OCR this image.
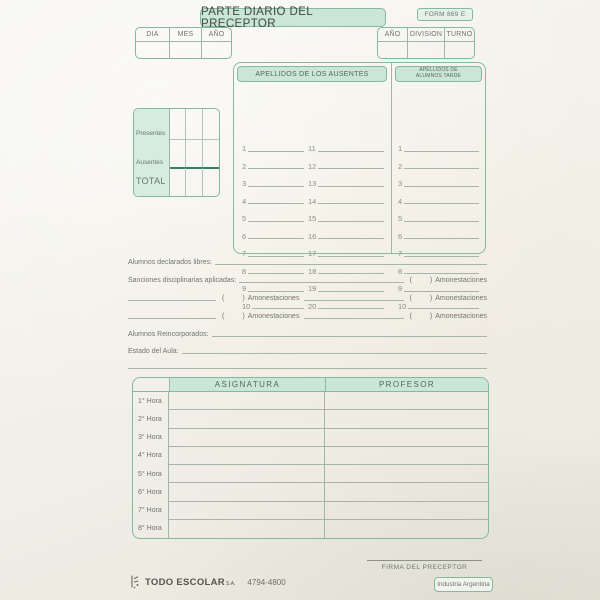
PARTE DIARIO DEL PRECEPTOR
FORM 869 E
DIA	MES	AÑO	AÑO	DIVISION TURNO
Presentes
Ausentes
TOTAL
APELLIDOS DE LOS AUSENTES
APELLIDOS DE
ALUMNOS TARDE
1
2
3
4
5
6
7
8
9
10
11
12
13
14
15
16
17
18
19
20
1
2
3
4
5
6
7
8
9
10
Alumnos declarados libres:
Sanciones disciplinarias aplicadas:	(	) Amonestaciones
(	) Amonestaciones	(	) Amonestaciones
(	) Amonestaciones	(	) Amonestaciones
Alumnos Reincorporados:
Estado del Aula:
ASIGNATURA	PROFESOR
1° Hora
2° Hora
3° Hora
4° Hora
5° Hora
6° Hora
7° Hora
8° Hora
FIRMA DEL PRECEPTOR
TODO ESCOLAR S.A. 4794-4800	Industria Argentina
